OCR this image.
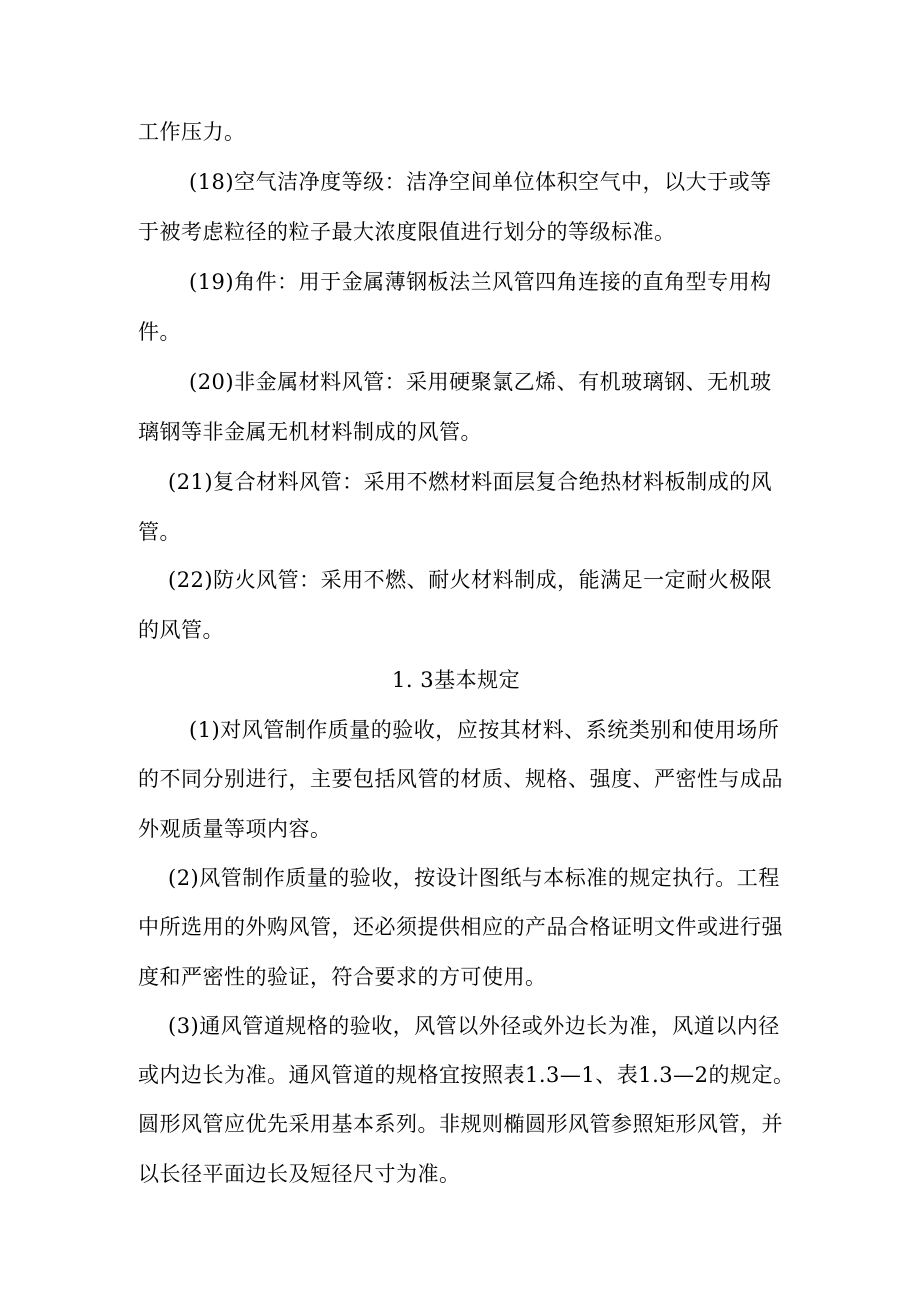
工作压力。
(18)空气洁净度等级：洁净空间单位体积空气中，以大于或等
于被考虑粒径的粒子最大浓度限值进行划分的等级标准。
(19)角件：用于金属薄钢板法兰风管四角连接的直角型专用构
件。
(20)非金属材料风管：采用硬聚氯乙烯、有机玻璃钢、无机玻
璃钢等非金属无机材料制成的风管。
(21)复合材料风管：采用不燃材料面层复合绝热材料板制成的风
管。
(22)防火风管：采用不燃、耐火材料制成，能满足一定耐火极限
的风管。
1. 3基本规定
(1)对风管制作质量的验收，应按其材料、系统类别和使用场所
的不同分别进行，主要包括风管的材质、规格、强度、严密性与成品
外观质量等项内容。
(2)风管制作质量的验收，按设计图纸与本标准的规定执行。工程
中所选用的外购风管，还必须提供相应的产品合格证明文件或进行强
度和严密性的验证，符合要求的方可使用。
(3)通风管道规格的验收，风管以外径或外边长为准，风道以内径
或内边长为准。通风管道的规格宜按照表1.3—1、表1.3—2的规定。
圆形风管应优先采用基本系列。非规则椭圆形风管参照矩形风管，并
以长径平面边长及短径尺寸为准。
